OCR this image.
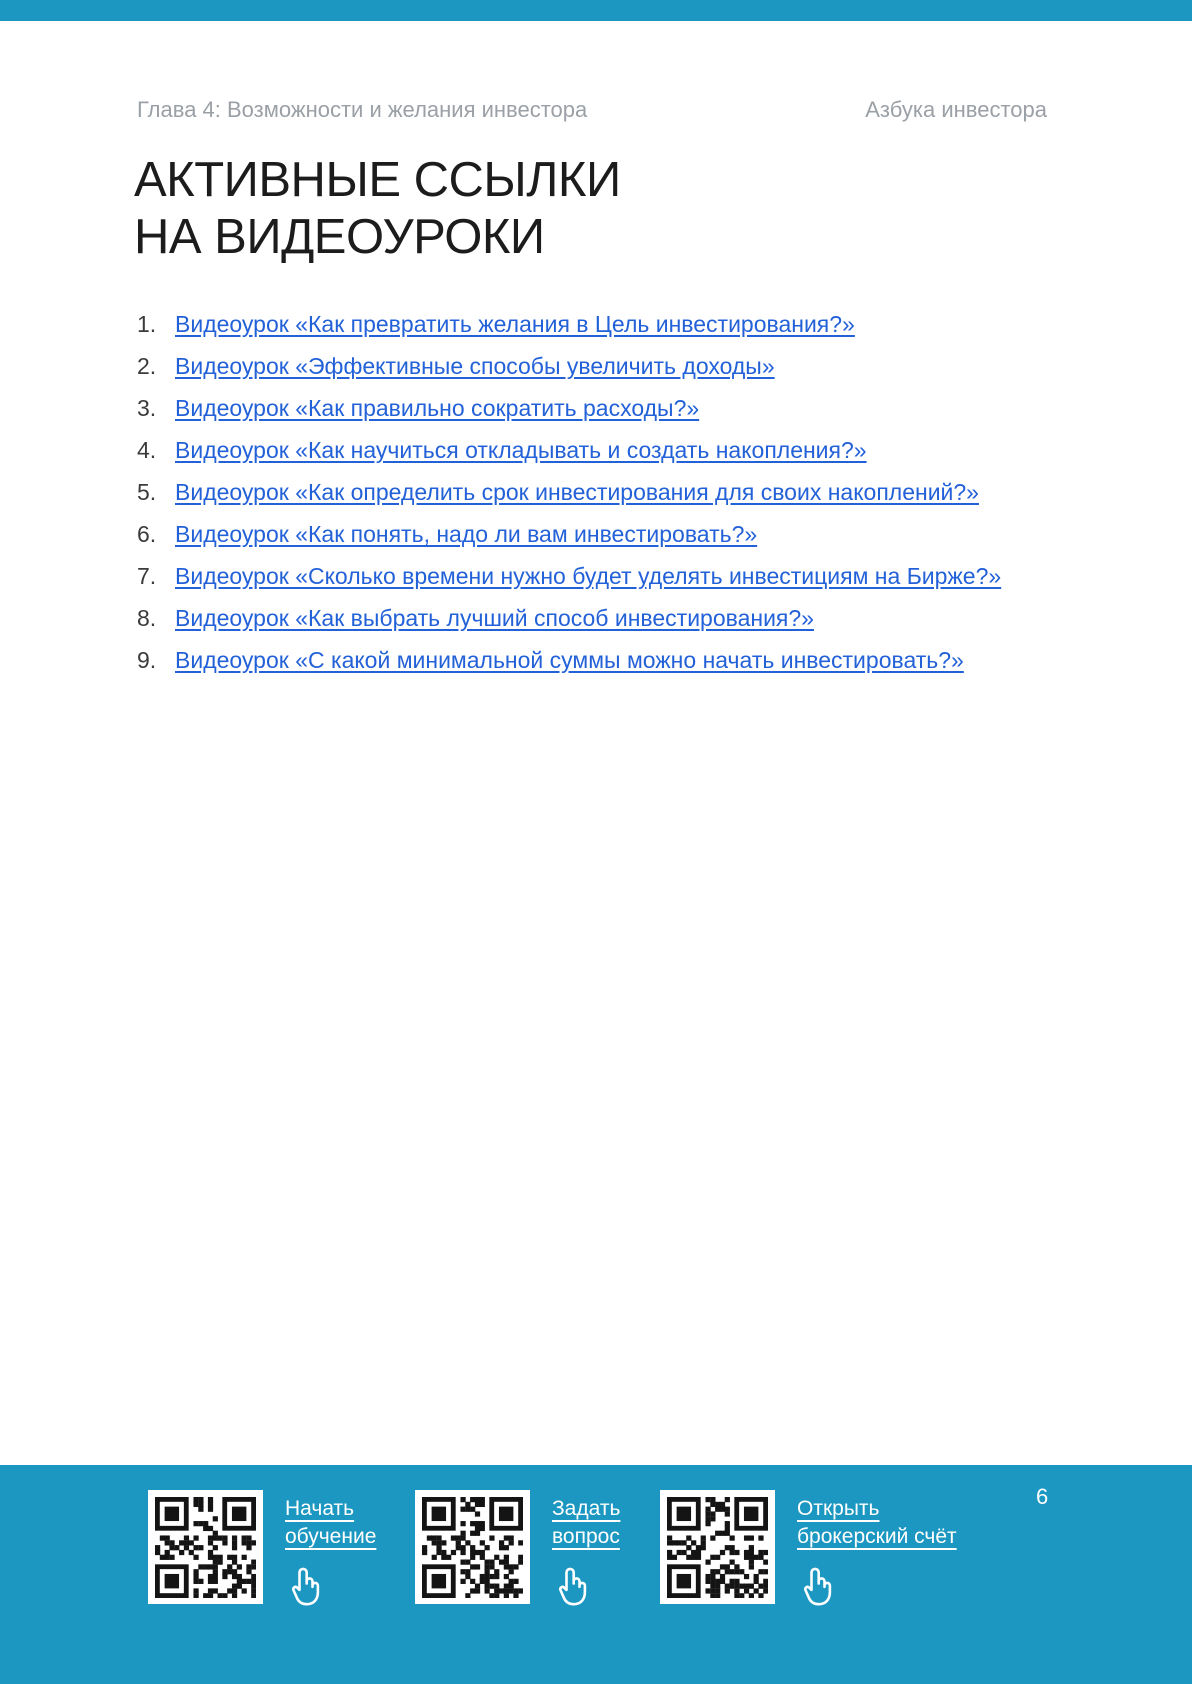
Глава 4: Возможности и желания инвестора	Азбука инвестора
АКТИВНЫЕ ССЫЛКИ
НА ВИДЕОУРОКИ
1. Видеоурок «Как превратить желания в Цель инвестирования?»
2. Видеоурок «Эффективные способы увеличить доходы»
3. Видеоурок «Как правильно сократить расходы?»
4. Видеоурок «Как научиться откладывать и создать накопления?»
5. Видеоурок «Как определить срок инвестирования для своих накоплений?»
6. Видеоурок «Как понять, надо ли вам инвестировать?»
7. Видеоурок «Сколько времени нужно будет уделять инвестициям на Бирже?»
8. Видеоурок «Как выбрать лучший способ инвестирования?»
9. Видеоурок «С какой минимальной суммы можно начать инвестировать?»
Начать
обучение
Задать
вопрос
Открыть
брокерский счёт
6
